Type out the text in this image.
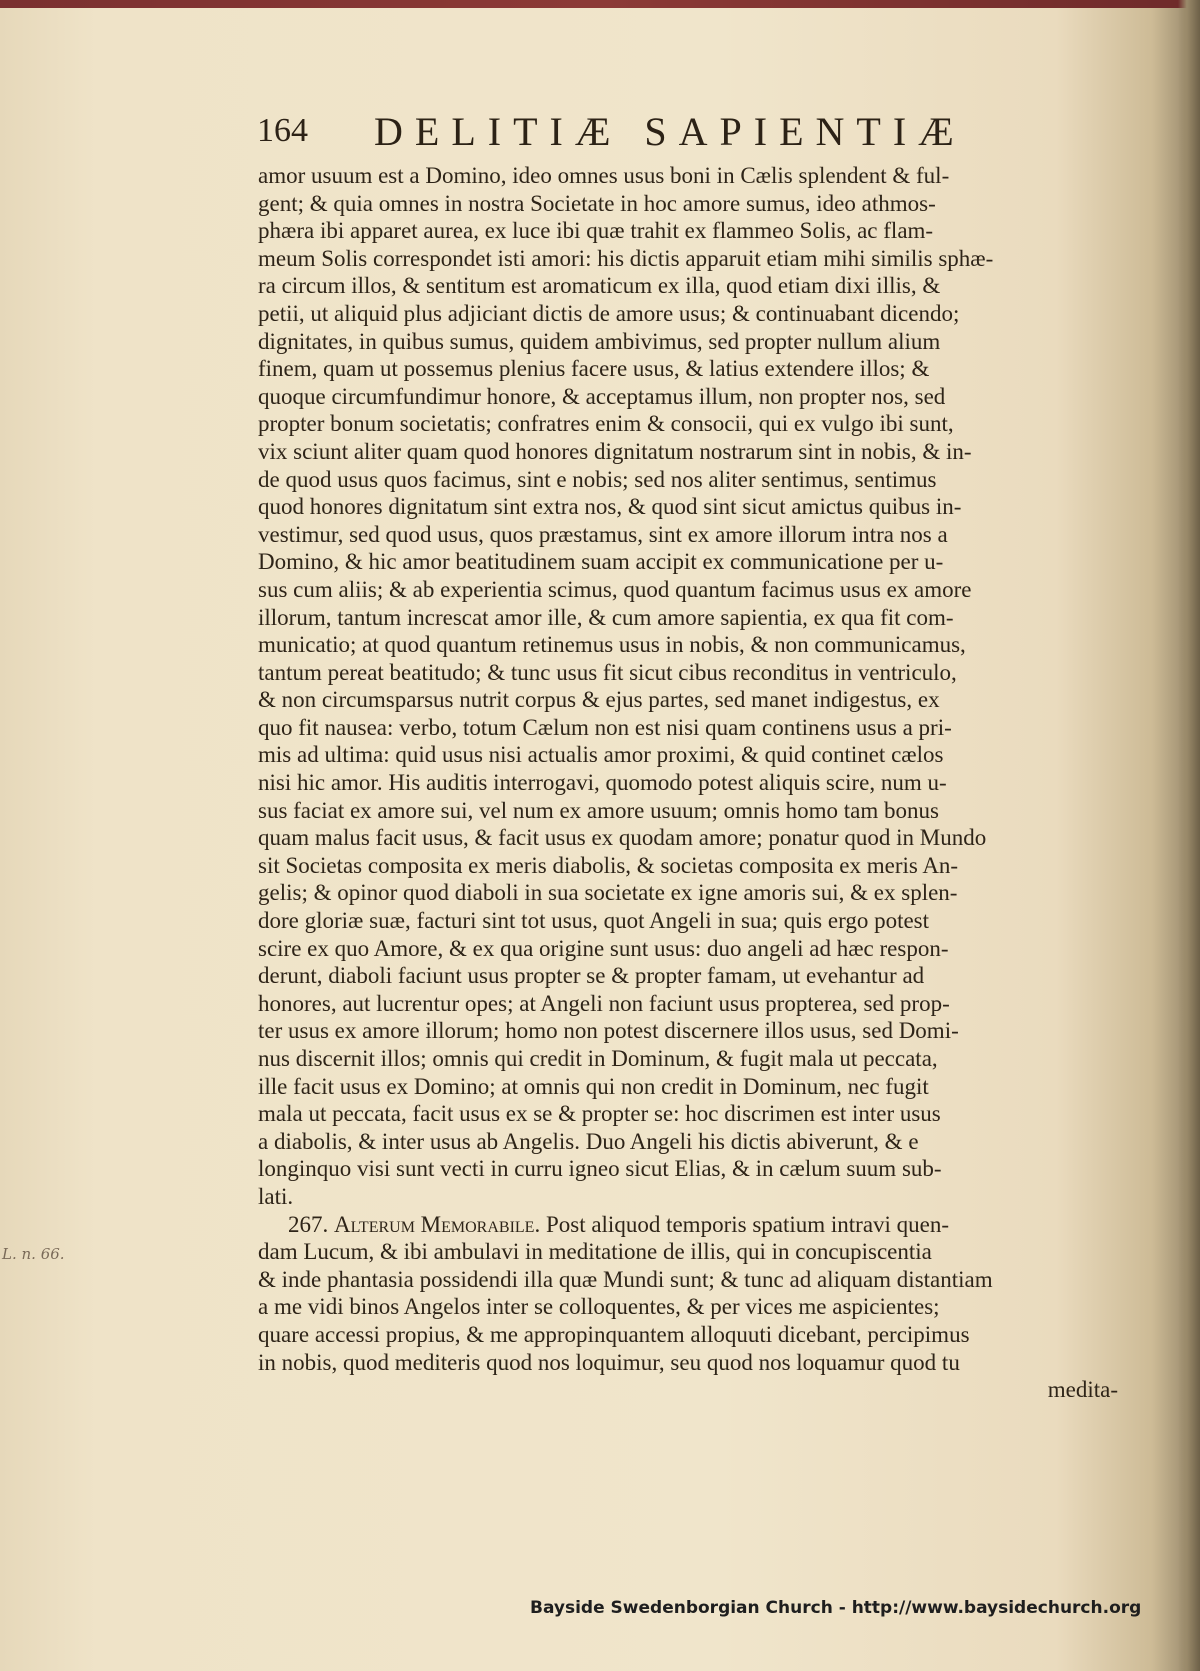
164 DELITIÆ SAPIENTIÆ
amor usuum est a Domino, ideo omnes usus boni in Cælis splendent & ful-
gent; & quia omnes in nostra Societate in hoc amore sumus, ideo athmos-
phæra ibi apparet aurea, ex luce ibi quæ trahit ex flammeo Solis, ac flam-
meum Solis correspondet isti amori: his dictis apparuit etiam mihi similis sphæ-
ra circum illos, & sentitum est aromaticum ex illa, quod etiam dixi illis, &
petii, ut aliquid plus adjiciant dictis de amore usus; & continuabant dicendo;
dignitates, in quibus sumus, quidem ambivimus, sed propter nullum alium
finem, quam ut possemus plenius facere usus, & latius extendere illos; &
quoque circumfundimur honore, & acceptamus illum, non propter nos, sed
propter bonum societatis; confratres enim & consocii, qui ex vulgo ibi sunt,
vix sciunt aliter quam quod honores dignitatum nostrarum sint in nobis, & in-
de quod usus quos facimus, sint e nobis; sed nos aliter sentimus, sentimus
quod honores dignitatum sint extra nos, & quod sint sicut amictus quibus in-
vestimur, sed quod usus, quos præstamus, sint ex amore illorum intra nos a
Domino, & hic amor beatitudinem suam accipit ex communicatione per u-
sus cum aliis; & ab experientia scimus, quod quantum facimus usus ex amore
illorum, tantum increscat amor ille, & cum amore sapientia, ex qua fit com-
municatio; at quod quantum retinemus usus in nobis, & non communicamus,
tantum pereat beatitudo; & tunc usus fit sicut cibus reconditus in ventriculo,
& non circumsparsus nutrit corpus & ejus partes, sed manet indigestus, ex
quo fit nausea: verbo, totum Cælum non est nisi quam continens usus a pri-
mis ad ultima: quid usus nisi actualis amor proximi, & quid continet cælos
nisi hic amor. His auditis interrogavi, quomodo potest aliquis scire, num u-
sus faciat ex amore sui, vel num ex amore usuum; omnis homo tam bonus
quam malus facit usus, & facit usus ex quodam amore; ponatur quod in Mundo
sit Societas composita ex meris diabolis, & societas composita ex meris An-
gelis; & opinor quod diaboli in sua societate ex igne amoris sui, & ex splen-
dore gloriæ suæ, facturi sint tot usus, quot Angeli in sua; quis ergo potest
scire ex quo Amore, & ex qua origine sunt usus: duo angeli ad hæc respon-
derunt, diaboli faciunt usus propter se & propter famam, ut evehantur ad
honores, aut lucrentur opes; at Angeli non faciunt usus propterea, sed prop-
ter usus ex amore illorum; homo non potest discernere illos usus, sed Domi-
nus discernit illos; omnis qui credit in Dominum, & fugit mala ut peccata,
ille facit usus ex Domino; at omnis qui non credit in Dominum, nec fugit
mala ut peccata, facit usus ex se & propter se: hoc discrimen est inter usus
a diabolis, & inter usus ab Angelis. Duo Angeli his dictis abiverunt, & e
longinquo visi sunt vecti in curru igneo sicut Elias, & in cælum suum sub-
lati.
267. Alterum Memorabile. Post aliquod temporis spatium intravi quen-
dam Lucum, & ibi ambulavi in meditatione de illis, qui in concupiscentia
& inde phantasia possidendi illa quæ Mundi sunt; & tunc ad aliquam distantiam
a me vidi binos Angelos inter se colloquentes, & per vices me aspicientes;
quare accessi propius, & me appropinquantem alloquuti dicebant, percipimus
in nobis, quod mediteris quod nos loquimur, seu quod nos loquamur quod tu
medita-
L. n. 66.
Bayside Swedenborgian Church - http://www.baysidechurch.org
